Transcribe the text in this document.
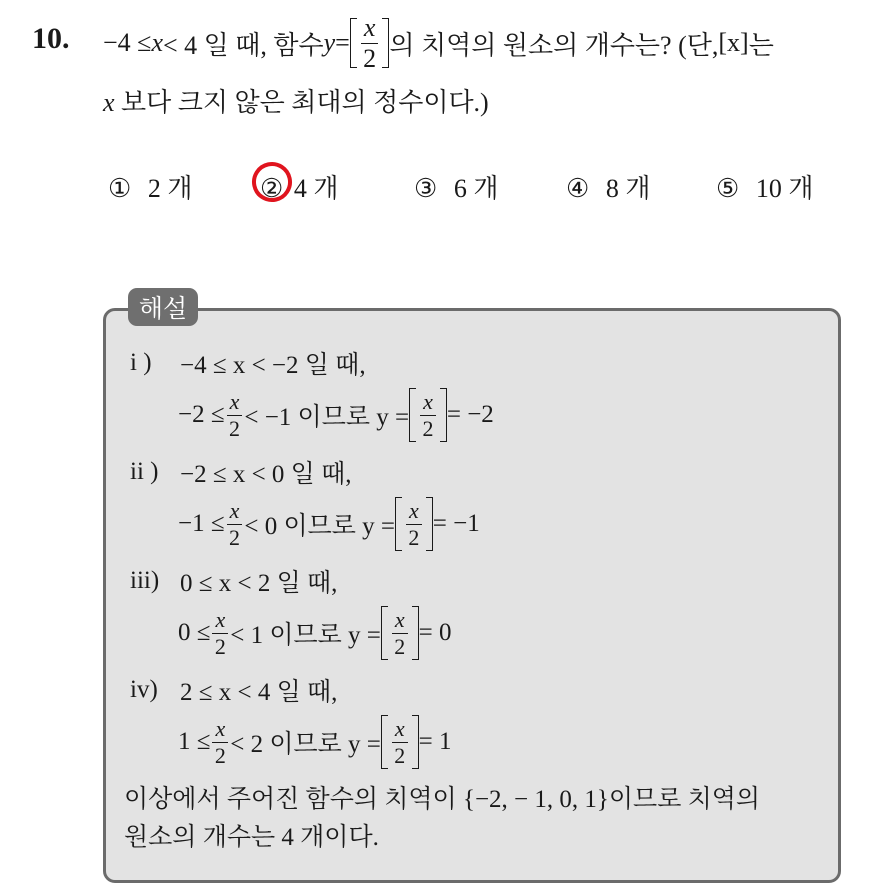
10. −4 ≤ x < 4 일 때, 함수 $y = \frac{x}{2}$ 의 치역의 원소의 개수는? (단, [x] 는
x 보다 크지 않은 최대의 정수이다.)
① 2 개	② 4 개	③ 6 개	④ 8 개	⑤ 10 개
해설
i )	−4 ≤ x < −2 일 때,
$-2 \le \frac{x}{2} < -1$ 이므로 $y = \frac{x}{2} = -2$
ii ) −2 ≤ x < 0 일 때,
$-1 \le \frac{x}{2} < 0$ 이므로 $y = \frac{x}{2} = -1$
iii) 0 ≤ x < 2 일 때,
$0 \le \frac{x}{2} < 1$ 이므로 $y = \frac{x}{2} = 0$
iv) 2 ≤ x < 4 일 때,
$1 \le \frac{x}{2} < 2$ 이므로 $y = \frac{x}{2} = 1$
이상에서 주어진 함수의 치역이 {−2, − 1, 0, 1}이므로 치역의
원소의 개수는 4 개이다.
